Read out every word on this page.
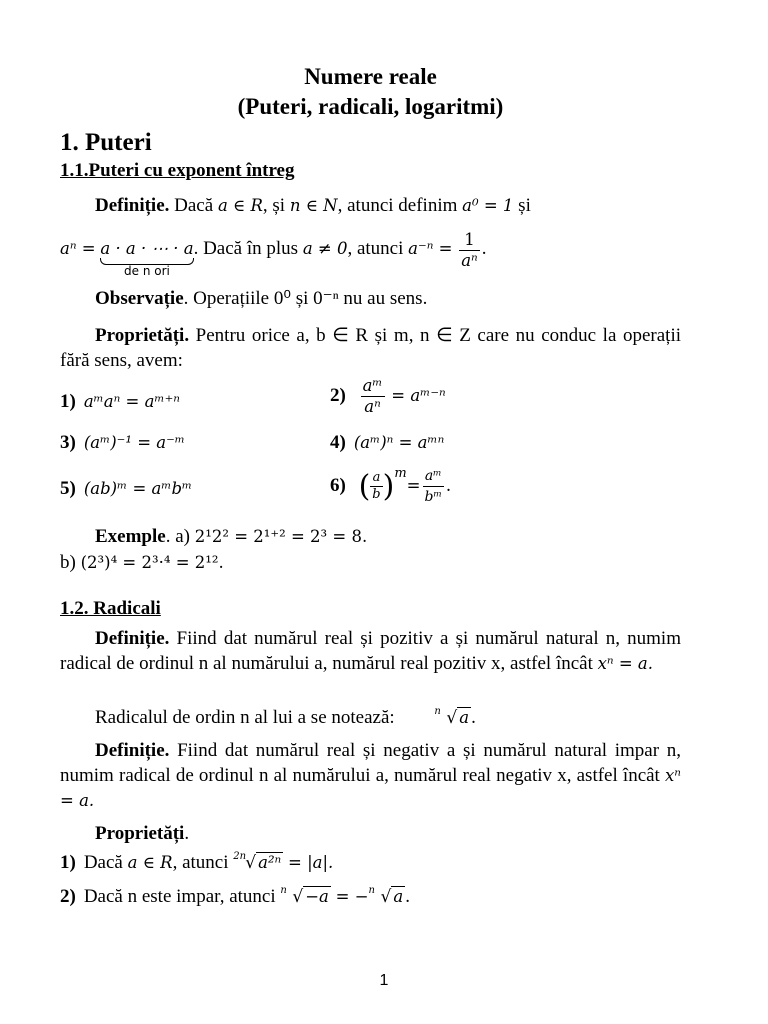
Numere reale
(Puteri, radicali, logaritmi)
1. Puteri
1.1.Puteri cu exponent întreg
Definiție. Dacă a ∈ R, și n ∈ N, atunci definim a⁰ = 1 și
aⁿ = a · a · ⋯ · a
de n ori
. Dacă în plus a ≠ 0, atunci $a^{-n} = \frac{1}{\text{aⁿ}}$ .
Observație. Operațiile 0⁰ și 0⁻ⁿ nu au sens.
Proprietăți. Pentru orice a, b ∈ R și m, n ∈ Z care nu conduc la operații fără sens, avem:
1) aᵐaⁿ = aᵐ⁺ⁿ	$2) \frac{\text{aᵐ}}{\text{aⁿ}}$ = aᵐ⁻ⁿ
3) (aᵐ)⁻¹ = a⁻ᵐ	4) (aᵐ)ⁿ = aᵐⁿ
5) (ab)ᵐ = aᵐbᵐ	6) ( $\frac{a}{b} )^m= \frac{\text{aᵐ}}{\text{bᵐ}}$ .
Exemple. a) 2¹2² = 2¹⁺² = 2³ = 8.
b) (2³)⁴ = 2³·⁴ = 2¹².
1.2. Radicali
Definiție. Fiind dat numărul real și pozitiv a și numărul natural n, numim radical de ordinul n al numărului a, numărul real pozitiv x, astfel încât xⁿ = a.
Radicalul de ordin n al lui a se notează:	n √ a .
Definiție. Fiind dat numărul real și negativ a și numărul natural impar n, numim radical de ordinul n al numărului a, numărul real negativ x, astfel încât xⁿ = a.
Proprietăți.
1) Dacă a ∈ R, atunci 2n √ a²ⁿ = |a|.
2) Dacă n este impar, atunci n √ −a = − n √ a .
1
